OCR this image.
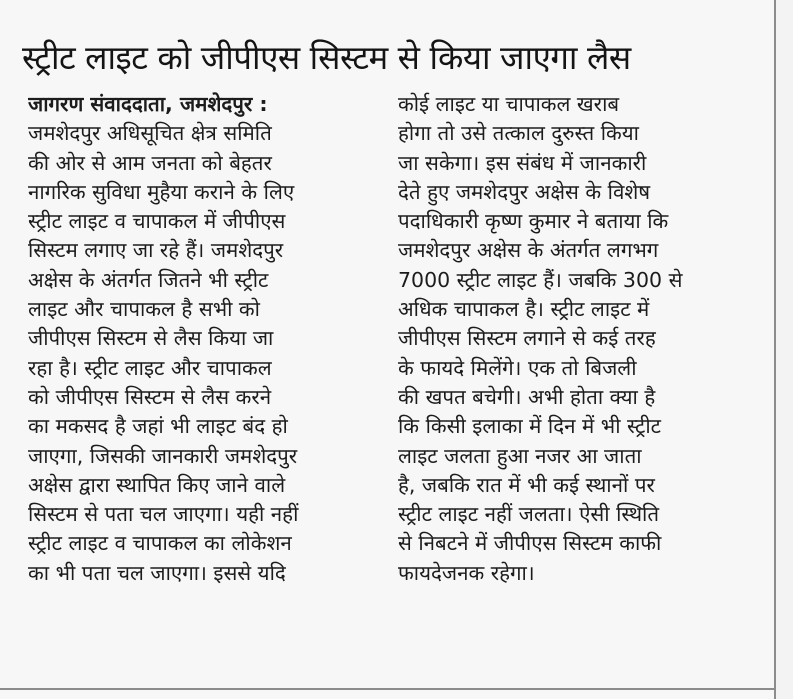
स्ट्रीट लाइट को जीपीएस सिस्टम से किया जाएगा लैस
जागरण संवाददाता, जमशेदपुर :
जमशेदपुर अधिसूचित क्षेत्र समिति
की ओर से आम जनता को बेहतर
नागरिक सुविधा मुहैया कराने के लिए
स्ट्रीट लाइट व चापाकल में जीपीएस
सिस्टम लगाए जा रहे हैं। जमशेदपुर
अक्षेस के अंतर्गत जितने भी स्ट्रीट
लाइट और चापाकल है सभी को
जीपीएस सिस्टम से लैस किया जा
रहा है। स्ट्रीट लाइट और चापाकल
को जीपीएस सिस्टम से लैस करने
का मकसद है जहां भी लाइट बंद हो
जाएगा, जिसकी जानकारी जमशेदपुर
अक्षेस द्वारा स्थापित किए जाने वाले
सिस्टम से पता चल जाएगा। यही नहीं
स्ट्रीट लाइट व चापाकल का लोकेशन
का भी पता चल जाएगा। इससे यदि
कोई लाइट या चापाकल खराब
होगा तो उसे तत्काल दुरुस्त किया
जा सकेगा। इस संबंध में जानकारी
देते हुए जमशेदपुर अक्षेस के विशेष
पदाधिकारी कृष्ण कुमार ने बताया कि
जमशेदपुर अक्षेस के अंतर्गत लगभग
7000 स्ट्रीट लाइट हैं। जबकि 300 से
अधिक चापाकल है। स्ट्रीट लाइट में
जीपीएस सिस्टम लगाने से कई तरह
के फायदे मिलेंगे। एक तो बिजली
की खपत बचेगी। अभी होता क्या है
कि किसी इलाका में दिन में भी स्ट्रीट
लाइट जलता हुआ नजर आ जाता
है, जबकि रात में भी कई स्थानों पर
स्ट्रीट लाइट नहीं जलता। ऐसी स्थिति
से निबटने में जीपीएस सिस्टम काफी
फायदेजनक रहेगा।
